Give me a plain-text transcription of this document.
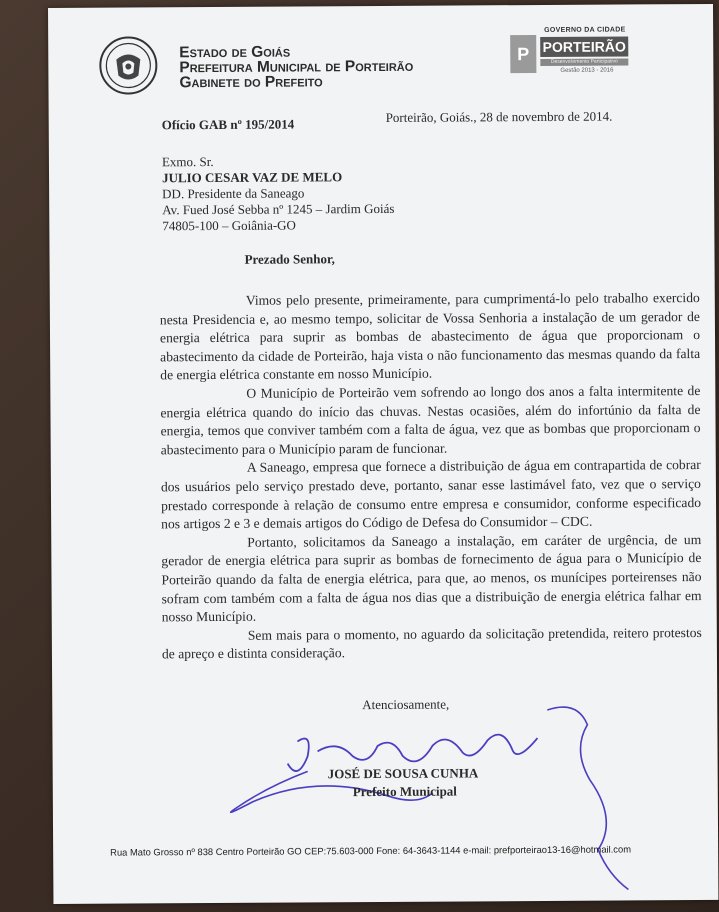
Estado de Goiás
Prefeitura Municipal de Porteirão
Gabinete do Prefeito
GOVERNO DA CIDADE
P PORTEIRÃO
Desenvolvimento Participativo
Gestão 2013 - 2016
Ofício GAB nº 195/2014	Porteirão, Goiás., 28 de novembro de 2014.
Exmo. Sr.
JULIO CESAR VAZ DE MELO
DD. Presidente da Saneago
Av. Fued José Sebba nº 1245 – Jardim Goiás
74805-100 – Goiânia-GO
Prezado Senhor,

Vimos pelo presente, primeiramente, para cumprimentá-lo pelo trabalho exercido nesta Presidencia e, ao mesmo tempo, solicitar de Vossa Senhoria a instalação de um gerador de energia elétrica para suprir as bombas de abastecimento de água que proporcionam o abastecimento da cidade de Porteirão, haja vista o não funcionamento das mesmas quando da falta de energia elétrica constante em nosso Município.

O Município de Porteirão vem sofrendo ao longo dos anos a falta intermitente de energia elétrica quando do início das chuvas. Nestas ocasiões, além do infortúnio da falta de energia, temos que conviver também com a falta de água, vez que as bombas que proporcionam o abastecimento para o Município param de funcionar.

A Saneago, empresa que fornece a distribuição de água em contrapartida de cobrar dos usuários pelo serviço prestado deve, portanto, sanar esse lastimável fato, vez que o serviço prestado corresponde à relação de consumo entre empresa e consumidor, conforme especificado nos artigos 2 e 3 e demais artigos do Código de Defesa do Consumidor – CDC.

Portanto, solicitamos da Saneago a instalação, em caráter de urgência, de um gerador de energia elétrica para suprir as bombas de fornecimento de água para o Município de Porteirão quando da falta de energia elétrica, para que, ao menos, os munícipes porteirenses não sofram com também com a falta de água nos dias que a distribuição de energia elétrica falhar em nosso Município.

Sem mais para o momento, no aguardo da solicitação pretendida, reitero protestos de apreço e distinta consideração.

Atenciosamente,
JOSÉ DE SOUSA CUNHA
Prefeito Municipal
Rua Mato Grosso nº 838 Centro Porteirão GO CEP:75.603-000 Fone: 64-3643-1144 e-mail: prefporteirao13-16@hotmail.com
